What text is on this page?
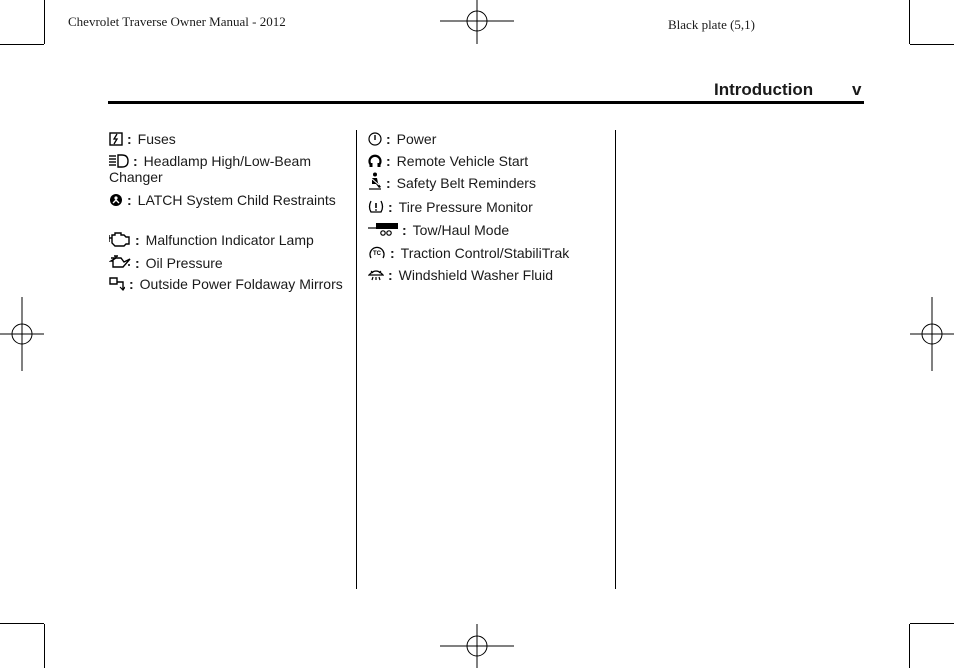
Chevrolet Traverse Owner Manual - 2012	Black plate (5,1)
Introduction v
: Fuses
: Headlamp High/Low-Beam Changer
: LATCH System Child Restraints
: Malfunction Indicator Lamp
: Oil Pressure
: Outside Power Foldaway Mirrors
: Power
: Remote Vehicle Start
: Safety Belt Reminders
: Tire Pressure Monitor
: Tow/Haul Mode
TC : Traction Control/StabiliTrak
: Windshield Washer Fluid
